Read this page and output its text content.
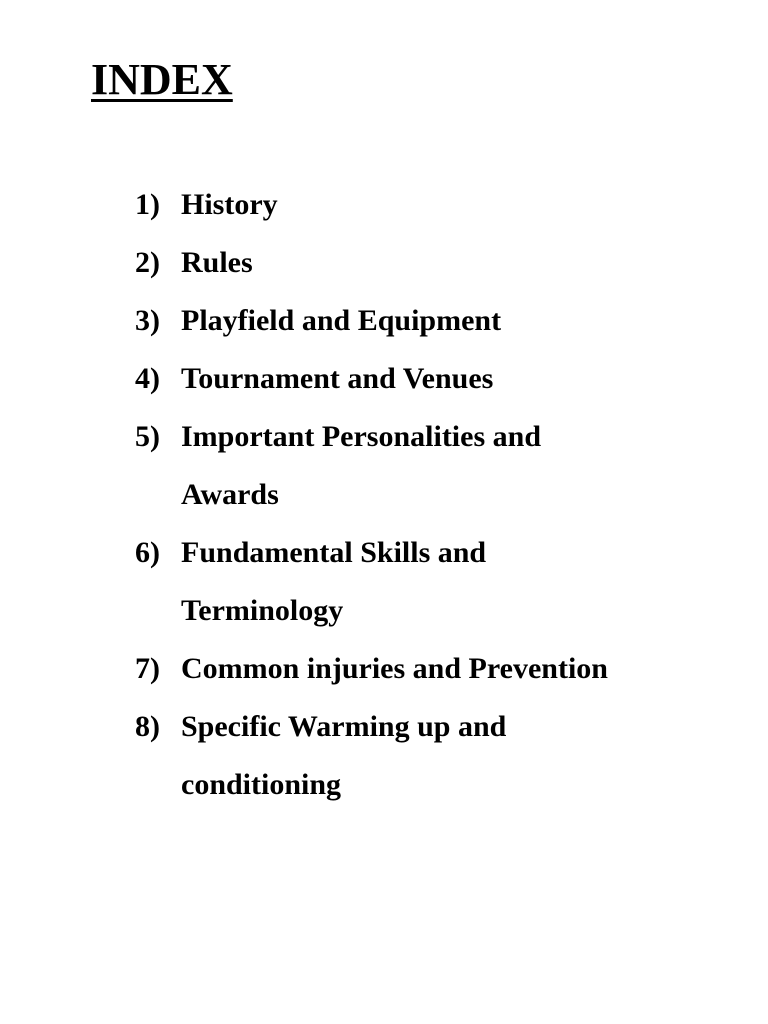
INDEX
1) History
2) Rules
3) Playfield and Equipment
4) Tournament and Venues
5) Important Personalities and
Awards
6) Fundamental Skills and
Terminology
7) Common injuries and Prevention
8) Specific Warming up and
conditioning
